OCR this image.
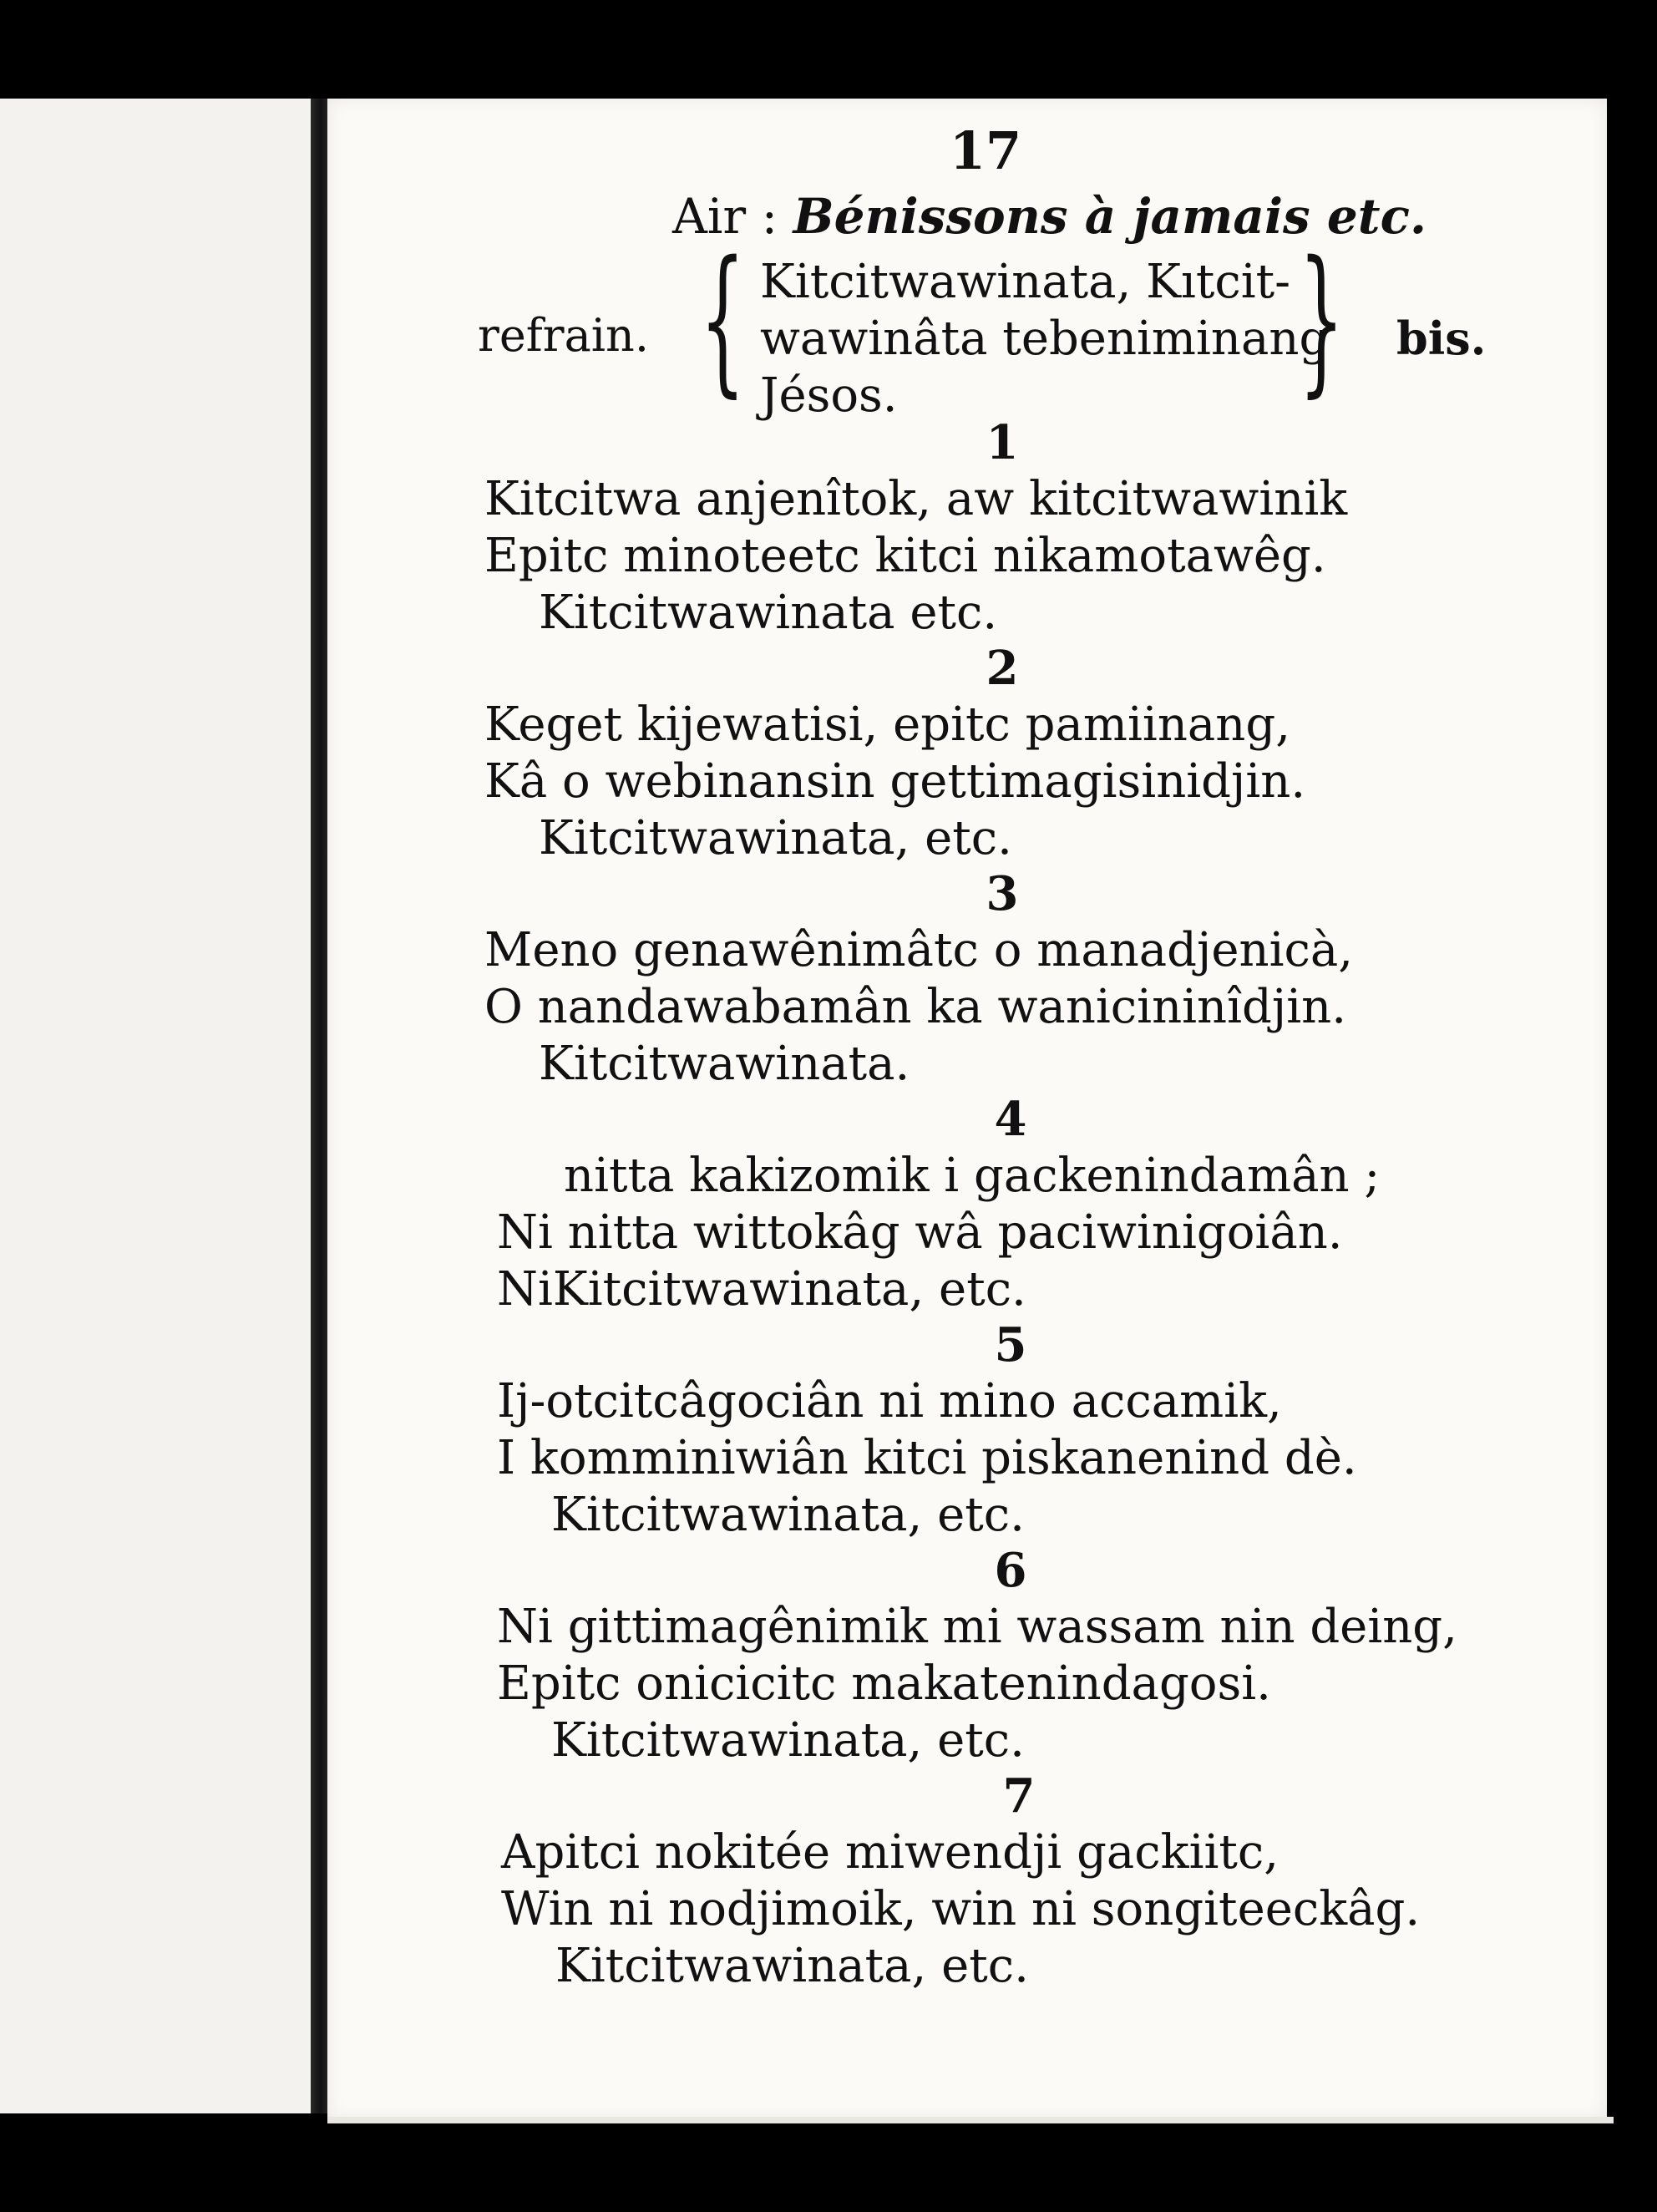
17
Air : Bénissons à jamais etc.
refrain. { Kitcitwawinata, Kıtcit-
wawinâta tebeniminang
Jésos.	} bis.
1
Kitcitwa anjenîtok, aw kitcitwawinik
Epitc minoteetc kitci nikamotawêg.
Kitcitwawinata etc.
2
Keget kijewatisi, epitc pamiinang,
Kâ o webinansin gettimagisinidjin.
Kitcitwawinata, etc.
3
Meno genawênimâtc o manadjenicà,
O nandawabamân ka wanicininîdjin.
Kitcitwawinata.
4
nitta kakizomik i gackenindamân ;
Ni nitta wittokâg wâ paciwinigoiân.
NiKitcitwawinata, etc.
5
Ij-otcitcâgociân ni mino accamik,
I komminiwiân kitci piskanenind dè.
Kitcitwawinata, etc.
6
Ni gittimagênimik mi wassam nin deing,
Epitc onicicitc makatenindagosi.
Kitcitwawinata, etc.
7
Apitci nokitée miwendji gackiitc,
Win ni nodjimoik, win ni songiteeckâg.
Kitcitwawinata, etc.
